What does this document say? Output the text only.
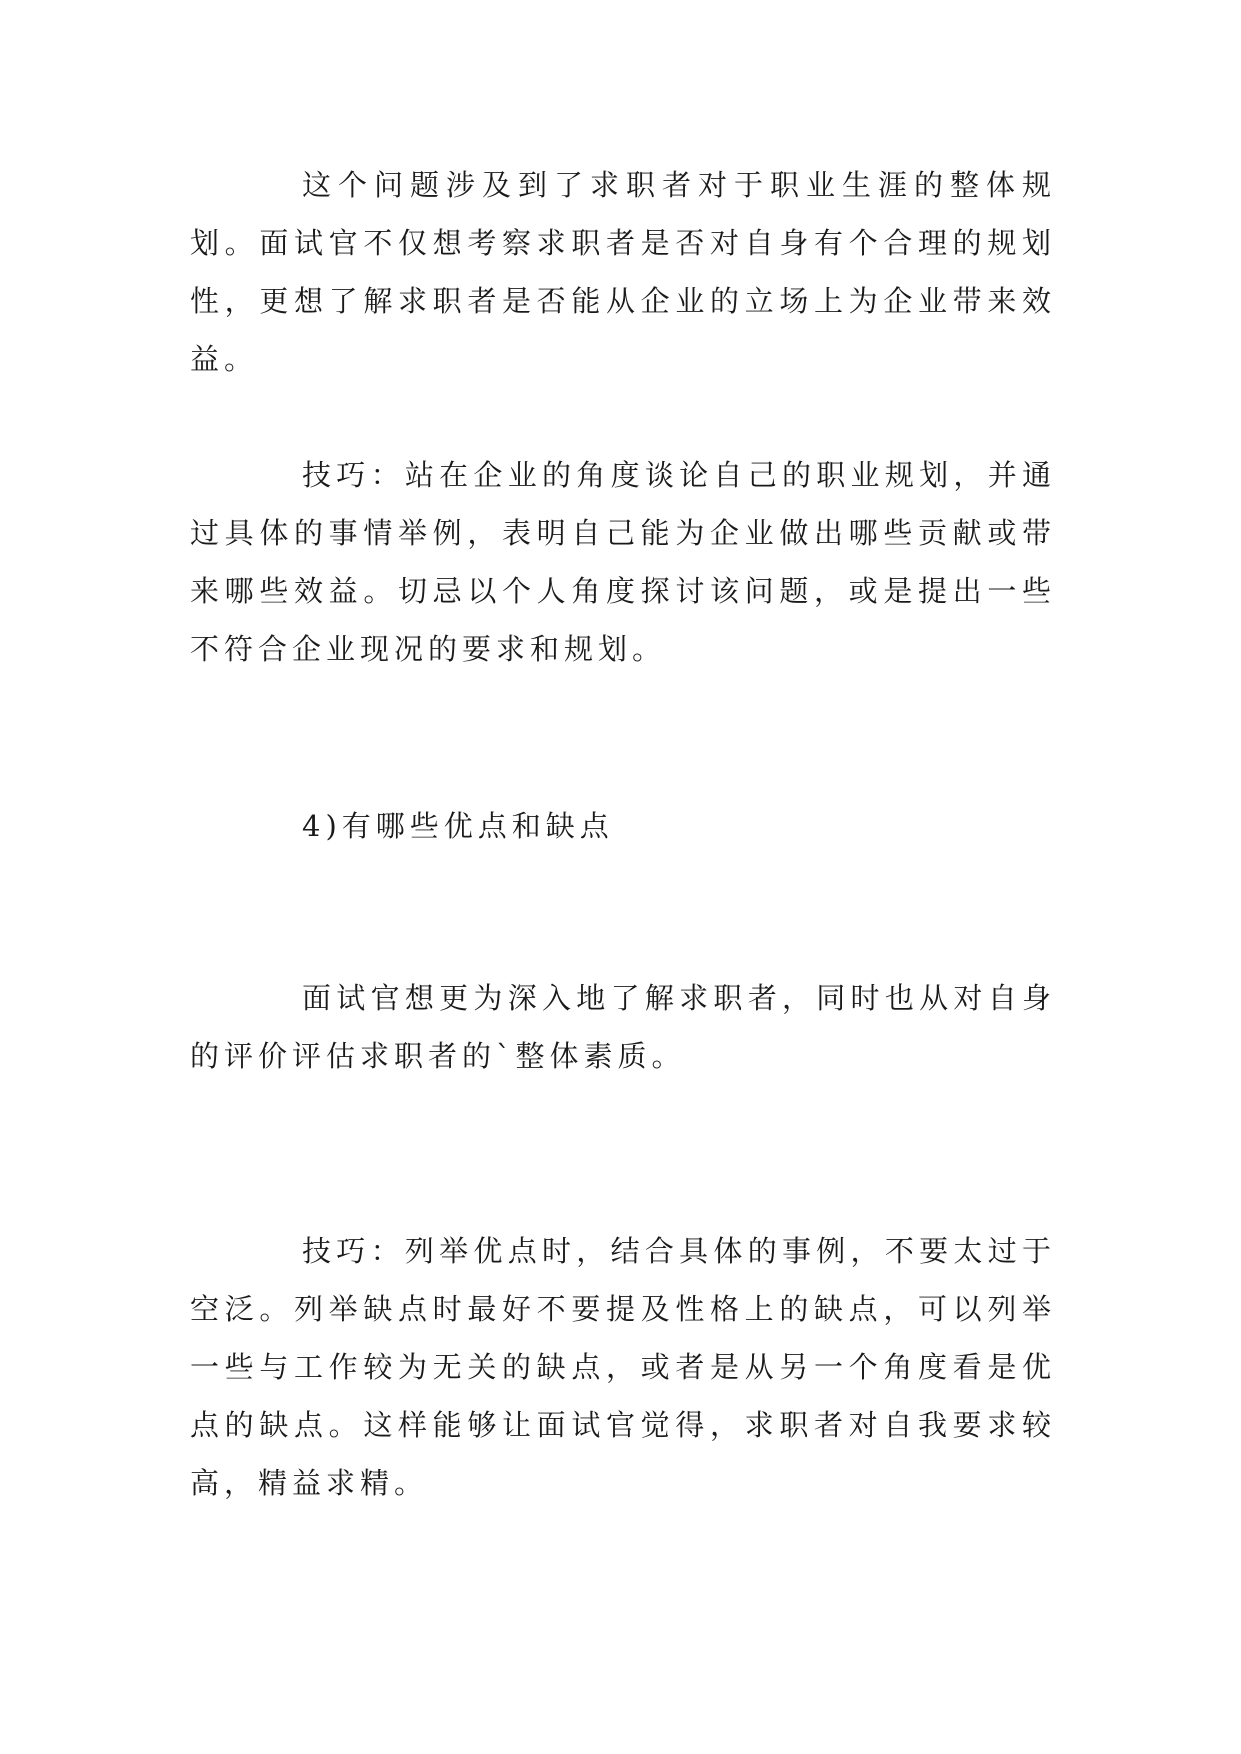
这个问题涉及到了求职者对于职业生涯的整体规划。面试官不仅想考察求职者是否对自身有个合理的规划性，更想了解求职者是否能从企业的立场上为企业带来效益。

技巧：站在企业的角度谈论自己的职业规划，并通过具体的事情举例，表明自己能为企业做出哪些贡献或带来哪些效益。切忌以个人角度探讨该问题，或是提出一些不符合企业现况的要求和规划。

4)有哪些优点和缺点

面试官想更为深入地了解求职者，同时也从对自身的评价评估求职者的`整体素质。

技巧：列举优点时，结合具体的事例，不要太过于空泛。列举缺点时最好不要提及性格上的缺点，可以列举一些与工作较为无关的缺点，或者是从另一个角度看是优点的缺点。这样能够让面试官觉得，求职者对自我要求较高，精益求精。
